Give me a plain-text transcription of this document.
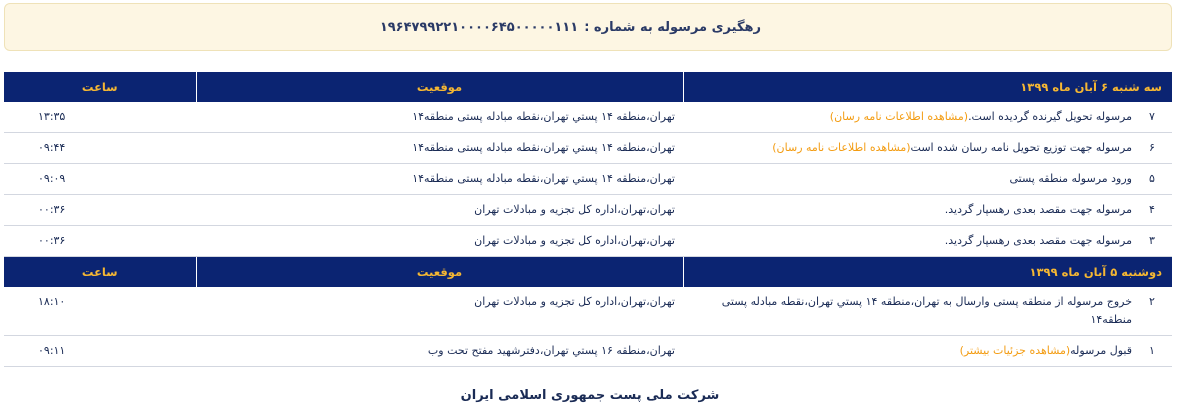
رهگیری مرسوله به شماره :
۱۹۶۴۷۹۹۲۲۱۰۰۰۰۶۴۵۰۰۰۰۰۱۱۱
سه شنبه ۶ آبان ماه ۱۳۹۹	موقعیت	ساعت
۷مرسوله تحویل گیرنده گردیده است.(مشاهده اطلاعات نامه رسان)	تهران،منطقه ۱۴ پستي تهران،نقطه مبادله پستی منطقه۱۴	۱۳:۳۵
۶مرسوله جهت توزیع تحویل نامه رسان شده است(مشاهده اطلاعات نامه رسان)	تهران،منطقه ۱۴ پستي تهران،نقطه مبادله پستی منطقه۱۴	۰۹:۴۴
۵ورود مرسوله منطقه پستی	تهران،منطقه ۱۴ پستي تهران،نقطه مبادله پستی منطقه۱۴	۰۹:۰۹
۴مرسوله جهت مقصد بعدی رهسپار گردید.	تهران،تهران،اداره کل تجزیه و مبادلات تهران	۰۰:۳۶
۳مرسوله جهت مقصد بعدی رهسپار گردید.	تهران،تهران،اداره کل تجزیه و مبادلات تهران	۰۰:۳۶
دوشنبه ۵ آبان ماه ۱۳۹۹	موقعیت	ساعت
۲خروج مرسوله از منطقه پستی وارسال به تهران،منطقه ۱۴ پستي تهران،نقطه مبادله پستی منطقه۱۴	تهران،تهران،اداره کل تجزیه و مبادلات تهران	۱۸:۱۰
۱قبول مرسوله(مشاهده جزئیات بیشتر)	تهران،منطقه ۱۶ پستي تهران،دفترشهید مفتح تحت وب	۰۹:۱۱
شرکت ملی پست جمهوری اسلامی ایران
